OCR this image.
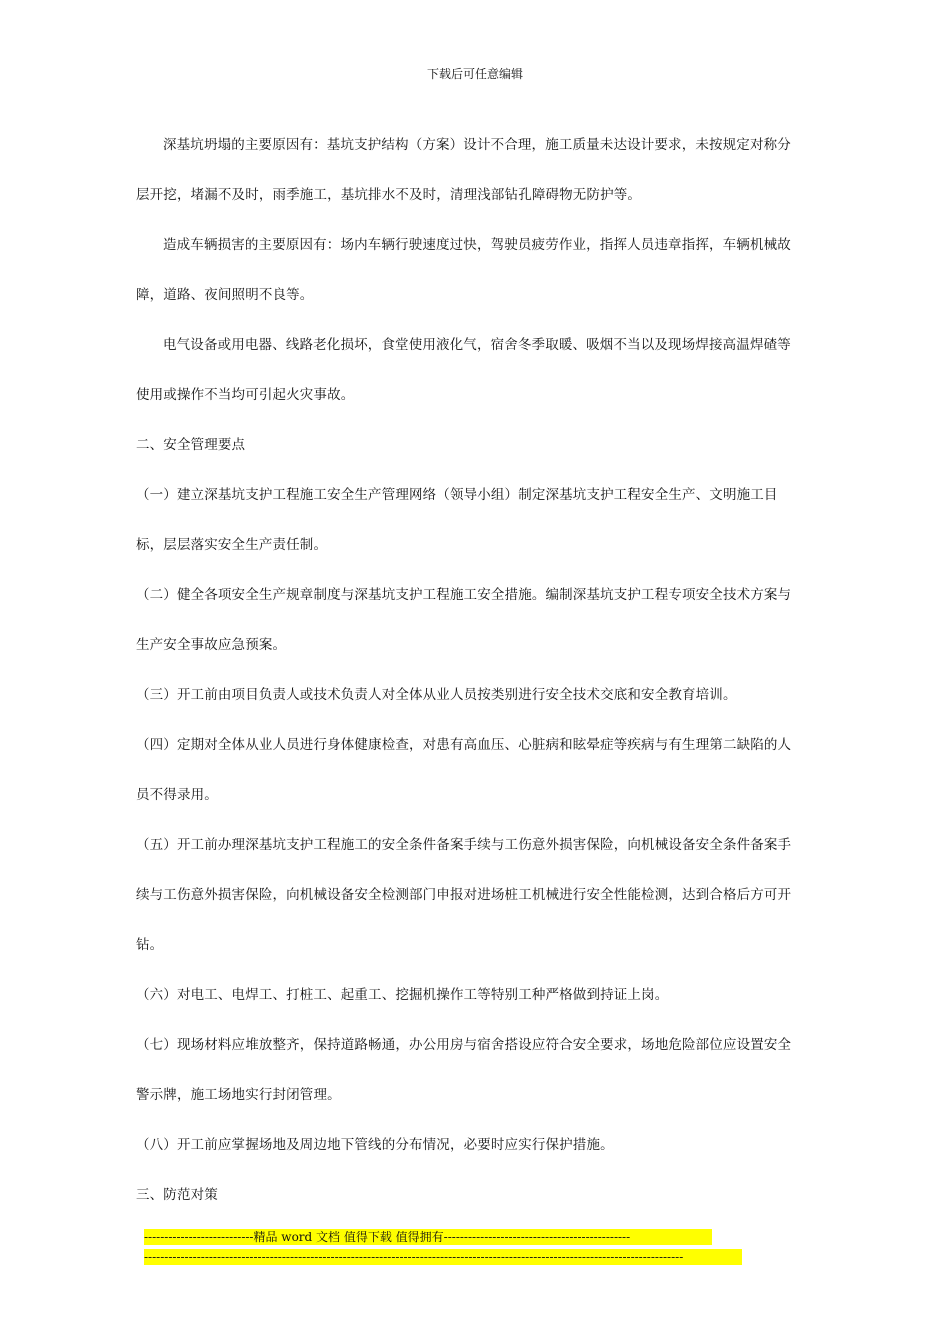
下载后可任意编辑

深基坑坍塌的主要原因有：基坑支护结构（方案）设计不合理，施工质量未达设计要求，未按规定对称分层开挖，堵漏不及时，雨季施工，基坑排水不及时，清理浅部钻孔障碍物无防护等。

造成车辆损害的主要原因有：场内车辆行驶速度过快，驾驶员疲劳作业，指挥人员违章指挥，车辆机械故障，道路、夜间照明不良等。

电气设备或用电器、线路老化损坏，食堂使用液化气，宿舍冬季取暖、吸烟不当以及现场焊接高温焊碴等使用或操作不当均可引起火灾事故。

二、安全管理要点

（一）建立深基坑支护工程施工安全生产管理网络（领导小组）制定深基坑支护工程安全生产、文明施工目标，层层落实安全生产责任制。

（二）健全各项安全生产规章制度与深基坑支护工程施工安全措施。编制深基坑支护工程专项安全技术方案与生产安全事故应急预案。

（三）开工前由项目负责人或技术负责人对全体从业人员按类别进行安全技术交底和安全教育培训。

（四）定期对全体从业人员进行身体健康检查，对患有高血压、心脏病和眩晕症等疾病与有生理第二缺陷的人员不得录用。

（五）开工前办理深基坑支护工程施工的安全条件备案手续与工伤意外损害保险，向机械设备安全条件备案手续与工伤意外损害保险，向机械设备安全检测部门申报对进场桩工机械进行安全性能检测，达到合格后方可开钻。

（六）对电工、电焊工、打桩工、起重工、挖掘机操作工等特别工种严格做到持证上岗。

（七）现场材料应堆放整齐，保持道路畅通，办公用房与宿舍搭设应符合安全要求，场地危险部位应设置安全警示牌，施工场地实行封闭管理。

（八）开工前应掌握场地及周边地下管线的分布情况，必要时应实行保护措施。

三、防范对策

---------------------------精品 word 文档 值得下载 值得拥有----------------------------------------------
-------------------------------------------------------------------------------------------------------------------------------------
